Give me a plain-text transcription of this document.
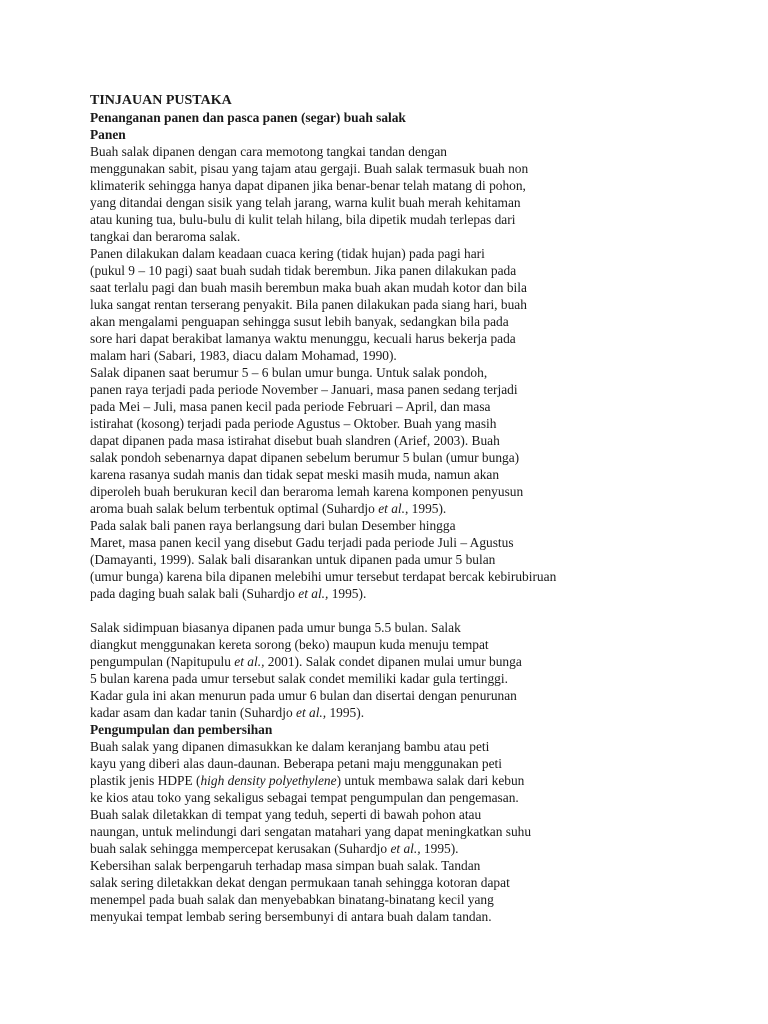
TINJAUAN PUSTAKA
Penanganan panen dan pasca panen (segar) buah salak
Panen
Buah salak dipanen dengan cara memotong tangkai tandan dengan
menggunakan sabit, pisau yang tajam atau gergaji. Buah salak termasuk buah non
klimaterik sehingga hanya dapat dipanen jika benar-benar telah matang di pohon,
yang ditandai dengan sisik yang telah jarang, warna kulit buah merah kehitaman
atau kuning tua, bulu-bulu di kulit telah hilang, bila dipetik mudah terlepas dari
tangkai dan beraroma salak.
Panen dilakukan dalam keadaan cuaca kering (tidak hujan) pada pagi hari
(pukul 9 – 10 pagi) saat buah sudah tidak berembun. Jika panen dilakukan pada
saat terlalu pagi dan buah masih berembun maka buah akan mudah kotor dan bila
luka sangat rentan terserang penyakit. Bila panen dilakukan pada siang hari, buah
akan mengalami penguapan sehingga susut lebih banyak, sedangkan bila pada
sore hari dapat berakibat lamanya waktu menunggu, kecuali harus bekerja pada
malam hari (Sabari, 1983, diacu dalam Mohamad, 1990).
Salak dipanen saat berumur 5 – 6 bulan umur bunga. Untuk salak pondoh,
panen raya terjadi pada periode November – Januari, masa panen sedang terjadi
pada Mei – Juli, masa panen kecil pada periode Februari – April, dan masa
istirahat (kosong) terjadi pada periode Agustus – Oktober. Buah yang masih
dapat dipanen pada masa istirahat disebut buah slandren (Arief, 2003). Buah
salak pondoh sebenarnya dapat dipanen sebelum berumur 5 bulan (umur bunga)
karena rasanya sudah manis dan tidak sepat meski masih muda, namun akan
diperoleh buah berukuran kecil dan beraroma lemah karena komponen penyusun
aroma buah salak belum terbentuk optimal (Suhardjo et al., 1995).
Pada salak bali panen raya berlangsung dari bulan Desember hingga
Maret, masa panen kecil yang disebut Gadu terjadi pada periode Juli – Agustus
(Damayanti, 1999). Salak bali disarankan untuk dipanen pada umur 5 bulan
(umur bunga) karena bila dipanen melebihi umur tersebut terdapat bercak kebirubiruan
pada daging buah salak bali (Suhardjo et al., 1995).
Salak sidimpuan biasanya dipanen pada umur bunga 5.5 bulan. Salak
diangkut menggunakan kereta sorong (beko) maupun kuda menuju tempat
pengumpulan (Napitupulu et al., 2001). Salak condet dipanen mulai umur bunga
5 bulan karena pada umur tersebut salak condet memiliki kadar gula tertinggi.
Kadar gula ini akan menurun pada umur 6 bulan dan disertai dengan penurunan
kadar asam dan kadar tanin (Suhardjo et al., 1995).
Pengumpulan dan pembersihan
Buah salak yang dipanen dimasukkan ke dalam keranjang bambu atau peti
kayu yang diberi alas daun-daunan. Beberapa petani maju menggunakan peti
plastik jenis HDPE (high density polyethylene) untuk membawa salak dari kebun
ke kios atau toko yang sekaligus sebagai tempat pengumpulan dan pengemasan.
Buah salak diletakkan di tempat yang teduh, seperti di bawah pohon atau
naungan, untuk melindungi dari sengatan matahari yang dapat meningkatkan suhu
buah salak sehingga mempercepat kerusakan (Suhardjo et al., 1995).
Kebersihan salak berpengaruh terhadap masa simpan buah salak. Tandan
salak sering diletakkan dekat dengan permukaan tanah sehingga kotoran dapat
menempel pada buah salak dan menyebabkan binatang-binatang kecil yang
menyukai tempat lembab sering bersembunyi di antara buah dalam tandan.
